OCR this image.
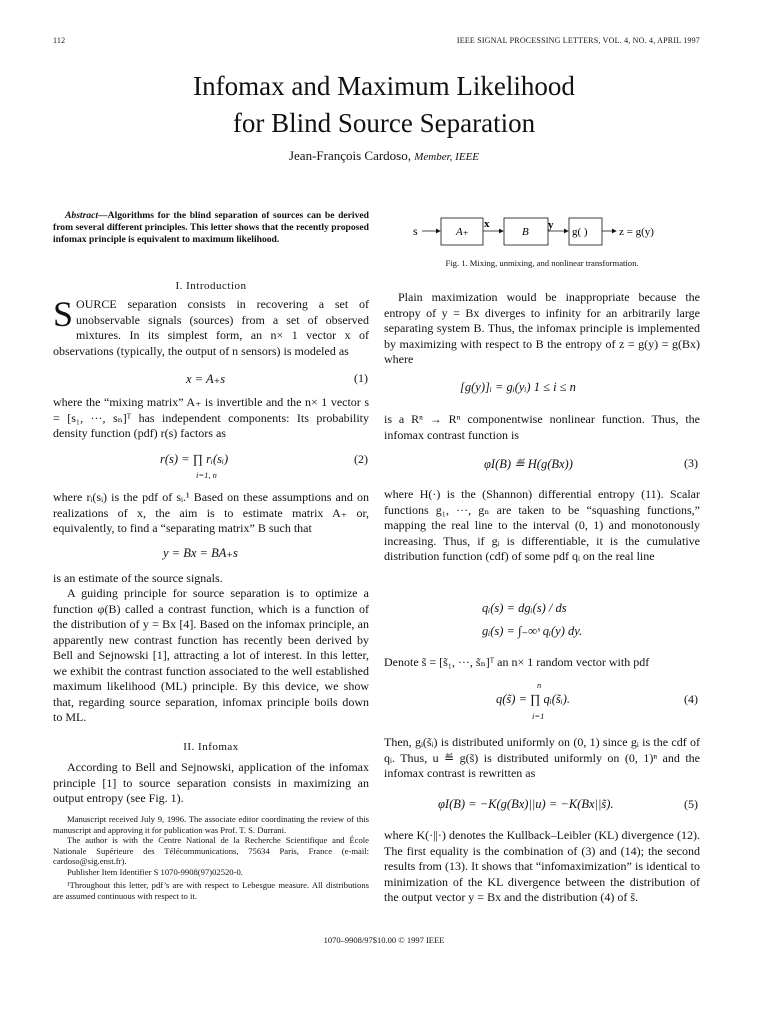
112	IEEE SIGNAL PROCESSING LETTERS, VOL. 4, NO. 4, APRIL 1997
Infomax and Maximum Likelihood
for Blind Source Separation
Jean-François Cardoso, Member, IEEE
Abstract—Algorithms for the blind separation of sources can be derived from several different principles. This letter shows that the recently proposed infomax principle is equivalent to maximum likelihood.
I. Introduction
SOURCE separation consists in recovering a set of unobservable signals (sources) from a set of observed mixtures. In its simplest form, an n× 1 vector x of observations (typically, the output of n sensors) is modeled as
x = A₊s	(1)
where the “mixing matrix” A₊ is invertible and the n× 1 vector s = [s₁, ···, sₙ]ᵀ has independent components: Its probability density function (pdf) r(s) factors as
r(s) = ∏ rᵢ(sᵢ)
i=1, n
(2)
where rᵢ(sᵢ) is the pdf of sᵢ.¹ Based on these assumptions and on realizations of x, the aim is to estimate matrix A₊ or, equivalently, to find a “separating matrix” B such that
y = Bx = BA₊s
is an estimate of the source signals.
A guiding principle for source separation is to optimize a function φ(B) called a contrast function, which is a function of the distribution of y = Bx [4]. Based on the infomax principle, an apparently new contrast function has recently been derived by Bell and Sejnowski [1], attracting a lot of interest. In this letter, we exhibit the contrast function associated to the well established maximum likelihood (ML) principle. By this device, we show that, regarding source separation, infomax principle boils down to ML.
II. Infomax
According to Bell and Sejnowski, application of the infomax principle [1] to source separation consists in maximizing an output entropy (see Fig. 1).

Manuscript received July 9, 1996. The associate editor coordinating the review of this manuscript and approving it for publication was Prof. T. S. Durrani.

The author is with the Centre National de la Recherche Scientifique and École Nationale Supérieure des Télécommunications, 75634 Paris, France (e-mail: cardoso@sig.enst.fr).

Publisher Item Identifier S 1070-9908(97)02520-0.

¹Throughout this letter, pdf’s are with respect to Lebesgue measure. All distributions are assumed continuous with respect to it.

s	A₊
x
B
y
g( )	z = g(y)
Fig. 1. Mixing, unmixing, and nonlinear transformation.
Plain maximization would be inappropriate because the entropy of y = Bx diverges to infinity for an arbitrarily large separating system B. Thus, the infomax principle is implemented by maximizing with respect to B the entropy of z = g(y) = g(Bx) where
[g(y)]ᵢ = gᵢ(yᵢ) 1 ≤ i ≤ n
is a Rⁿ → Rⁿ componentwise nonlinear function. Thus, the infomax contrast function is
φI(B) ≝ H(g(Bx))	(3)
where H(·) is the (Shannon) differential entropy (11). Scalar functions g₁, ···, gₙ are taken to be “squashing functions,” mapping the real line to the interval (0, 1) and monotonously increasing. Thus, if gᵢ is differentiable, it is the cumulative distribution function (cdf) of some pdf qᵢ on the real line
qᵢ(s) = dgᵢ(s) / ds
gᵢ(s) = ∫₋∞ˢ qᵢ(y) dy.
Denote s̃ = [s̃₁, ···, s̃ₙ]ᵀ an n× 1 random vector with pdf
n
q(s̃) = ∏ qᵢ(s̃ᵢ).
i=1
(4)
Then, gᵢ(s̃ᵢ) is distributed uniformly on (0, 1) since gᵢ is the cdf of qᵢ. Thus, u ≝ g(s̃) is distributed uniformly on (0, 1)ⁿ and the infomax contrast is rewritten as
φI(B) = −K(g(Bx)||u) = −K(Bx||s̃).	(5)
where K(·||·) denotes the Kullback–Leibler (KL) divergence (12). The first equality is the combination of (3) and (14); the second results from (13). It shows that “infomaximization” is identical to minimization of the KL divergence between the distribution of the output vector y = Bx and the distribution (4) of s̃.
1070–9908/97$10.00 © 1997 IEEE
